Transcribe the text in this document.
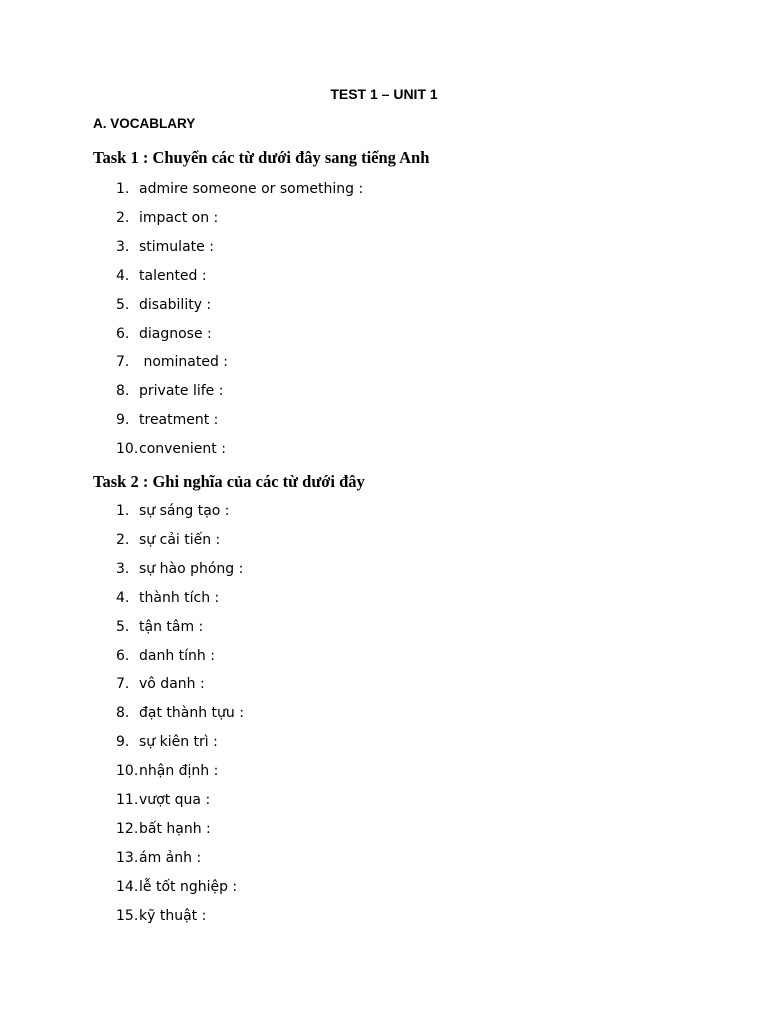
TEST 1 – UNIT 1
A. VOCABLARY
Task 1 : Chuyển các từ dưới đây sang tiếng Anh
1. admire someone or something :
2. impact on :
3. stimulate :
4. talented :
5. disability :
6. diagnose :
7. nominated :
8. private life :
9. treatment :
10. convenient :
Task 2 : Ghi nghĩa của các từ dưới đây
1. sự sáng tạo :
2. sự cải tiến :
3. sự hào phóng :
4. thành tích :
5. tận tâm :
6. danh tính :
7. vô danh :
8. đạt thành tựu :
9. sự kiên trì :
10. nhận định :
11. vượt qua :
12. bất hạnh :
13. ám ảnh :
14. lễ tốt nghiệp :
15. kỹ thuật :
